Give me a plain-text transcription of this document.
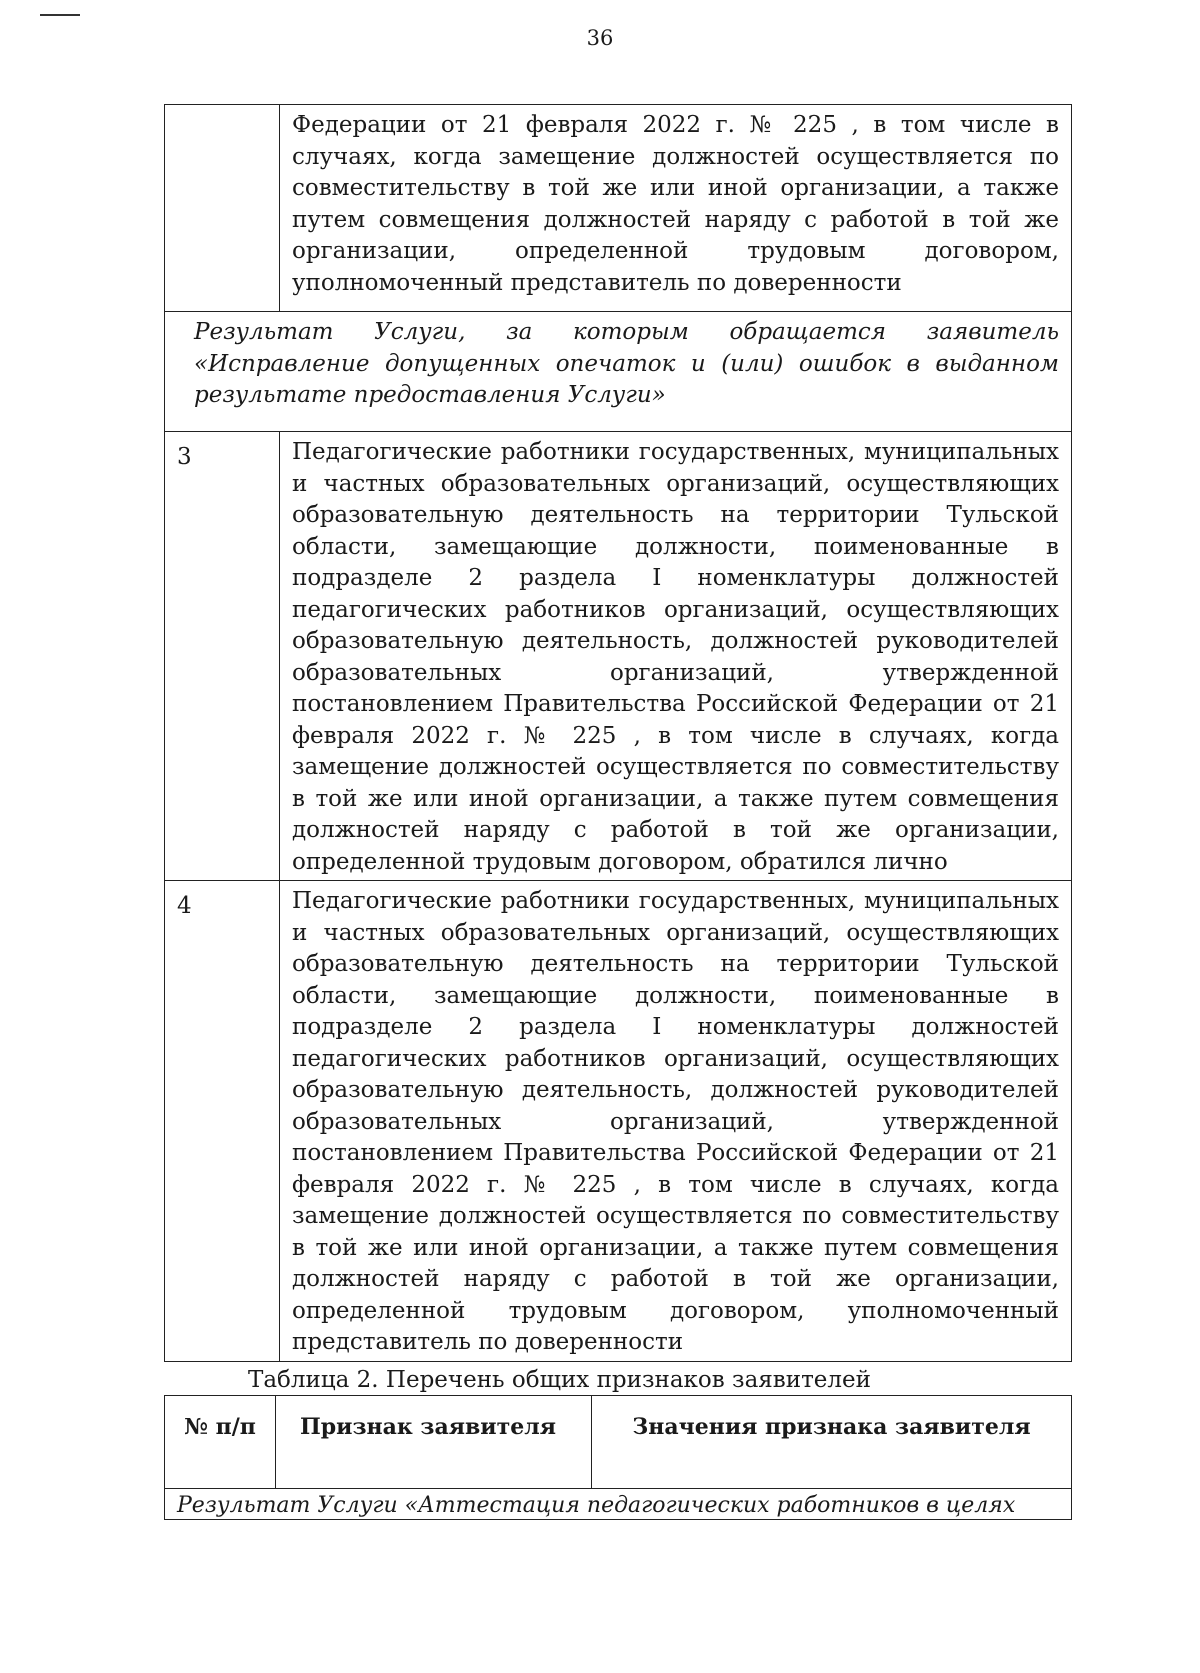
36
	Федерации от 21 февраля 2022 г. № 225 , в том числе в случаях, когда замещение должностей осуществляется по совместительству в той же или иной организации, а также путем совмещения должностей наряду с работой в той же организации, определенной трудовым договором, уполномоченный представитель по доверенности
Результат Услуги, за которым обращается заявитель «Исправление допущенных опечаток и (или) ошибок в выданном результате предоставления Услуги»	
3	Педагогические работники государственных, муниципальных и частных образовательных организаций, осуществляющих образовательную деятельность на территории Тульской области, замещающие должности, поименованные в подразделе 2 раздела I номенклатуры должностей педагогических работников организаций, осуществляющих образовательную деятельность, должностей руководителей образовательных организаций, утвержденной постановлением Правительства Российской Федерации от 21 февраля 2022 г. № 225 , в том числе в случаях, когда замещение должностей осуществляется по совместительству в той же или иной организации, а также путем совмещения должностей наряду с работой в той же организации, определенной трудовым договором, обратился лично
4	Педагогические работники государственных, муниципальных и частных образовательных организаций, осуществляющих образовательную деятельность на территории Тульской области, замещающие должности, поименованные в подразделе 2 раздела I номенклатуры должностей педагогических работников организаций, осуществляющих образовательную деятельность, должностей руководителей образовательных организаций, утвержденной постановлением Правительства Российской Федерации от 21 февраля 2022 г. № 225 , в том числе в случаях, когда замещение должностей осуществляется по совместительству в той же или иной организации, а также путем совмещения должностей наряду с работой в той же организации, определенной трудовым договором, уполномоченный представитель по доверенности
Таблица 2. Перечень общих признаков заявителей
№ п/п	Признак заявителя	Значения признака заявителя
Результат Услуги «Аттестация педагогических работников в целях
